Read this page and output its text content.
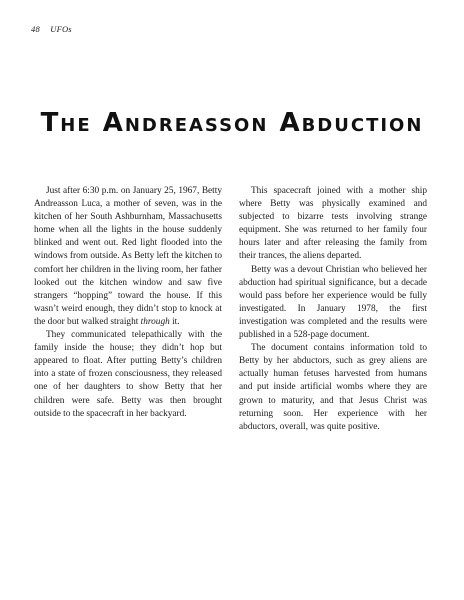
48 UFOs
The Andreasson Abduction

Just after 6:30 p.m. on January 25, 1967, Betty Andreasson Luca, a mother of seven, was in the kitchen of her South Ashburnham, Massachusetts home when all the lights in the house suddenly blinked and went out. Red light flooded into the windows from outside. As Betty left the kitchen to comfort her children in the living room, her father looked out the kitchen window and saw five strangers “hopping” toward the house. If this wasn’t weird enough, they didn’t stop to knock at the door but walked straight through it.

They communicated telepathically with the family inside the house; they didn’t hop but appeared to float. After putting Betty’s children into a state of frozen consciousness, they released one of her daughters to show Betty that her children were safe. Betty was then brought outside to the spacecraft in her backyard.

This spacecraft joined with a mother ship where Betty was physically examined and subjected to bizarre tests involving strange equipment. She was returned to her family four hours later and after releasing the family from their trances, the aliens departed.

Betty was a devout Christian who believed her abduction had spiritual significance, but a decade would pass before her experience would be fully investigated. In January 1978, the first investigation was completed and the results were published in a 528-page document.

The document contains information told to Betty by her abductors, such as grey aliens are actually human fetuses harvested from humans and put inside artificial wombs where they are grown to maturity, and that Jesus Christ was returning soon. Her experience with her abductors, overall, was quite positive.
